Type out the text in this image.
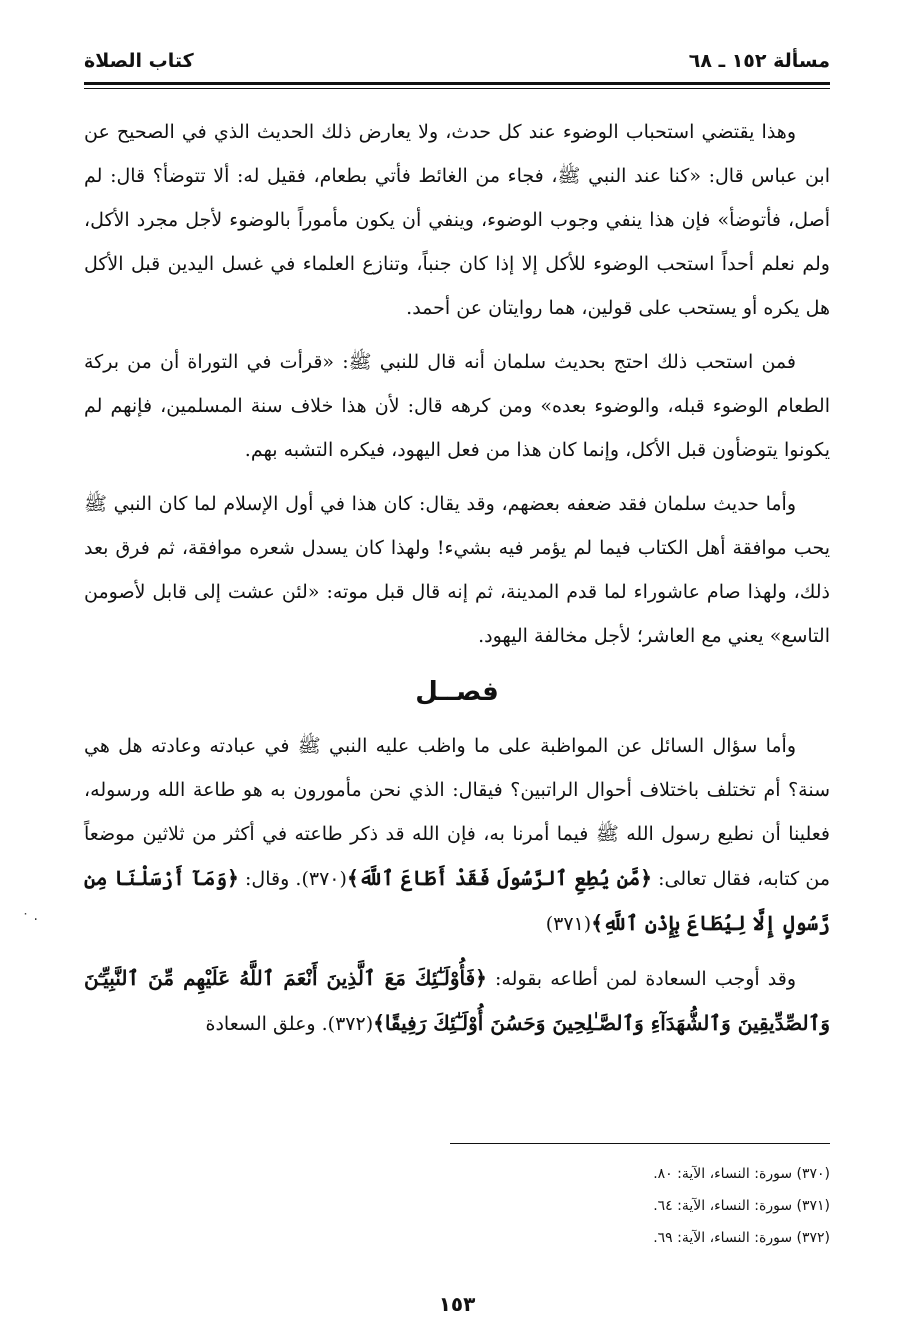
مسألة ١٥٢ ـ ٦٨
كتاب الصلاة

وهذا يقتضي استحباب الوضوء عند كل حدث، ولا يعارض ذلك الحديث الذي في الصحيح عن ابن عباس قال: «كنا عند النبي ﷺ، فجاء من الغائط فأتي بطعام، فقيل له: ألا تتوضأ؟ قال: لم أصل، فأتوضأ» فإن هذا ينفي وجوب الوضوء، وينفي أن يكون مأموراً بالوضوء لأجل مجرد الأكل، ولم نعلم أحداً استحب الوضوء للأكل إلا إذا كان جنباً، وتنازع العلماء في غسل اليدين قبل الأكل هل يكره أو يستحب على قولين، هما روايتان عن أحمد.

فمن استحب ذلك احتج بحديث سلمان أنه قال للنبي ﷺ: «قرأت في التوراة أن من بركة الطعام الوضوء قبله، والوضوء بعده» ومن كرهه قال: لأن هذا خلاف سنة المسلمين، فإنهم لم يكونوا يتوضأون قبل الأكل، وإنما كان هذا من فعل اليهود، فيكره التشبه بهم.

وأما حديث سلمان فقد ضعفه بعضهم، وقد يقال: كان هذا في أول الإسلام لما كان النبي ﷺ يحب موافقة أهل الكتاب فيما لم يؤمر فيه بشيء! ولهذا كان يسدل شعره موافقة، ثم فرق بعد ذلك، ولهذا صام عاشوراء لما قدم المدينة، ثم إنه قال قبل موته: «لئن عشت إلى قابل لأصومن التاسع» يعني مع العاشر؛ لأجل مخالفة اليهود.

فصــل

وأما سؤال السائل عن المواظبة على ما واظب عليه النبي ﷺ في عبادته وعادته هل هي سنة؟ أم تختلف باختلاف أحوال الراتبين؟ فيقال: الذي نحن مأمورون به هو طاعة الله ورسوله، فعلينا أن نطيع رسول الله ﷺ فيما أمرنا به، فإن الله قد ذكر طاعته في أكثر من ثلاثين موضعاً من كتابه، فقال تعالى: ﴿مَّن يُطِعِ ٱلرَّسُولَ فَقَدْ أَطَاعَ ٱللَّهَ﴾(٣٧٠). وقال: ﴿وَمَآ أَرْسَلْنَا مِن رَّسُولٍ إِلَّا لِيُطَاعَ بِإِذْنِ ٱللَّهِ﴾(٣٧١)

وقد أوجب السعادة لمن أطاعه بقوله: ﴿فَأُوْلَـٰٓئِكَ مَعَ ٱلَّذِينَ أَنْعَمَ ٱللَّهُ عَلَيْهِم مِّنَ ٱلنَّبِيِّـۧنَ وَٱلصِّدِّيقِينَ وَٱلشُّهَدَآءِ وَٱلصَّـٰلِحِينَ وَحَسُنَ أُوْلَـٰٓئِكَ رَفِيقًا﴾(٣٧٢). وعلق السعادة

(٣٧٠) سورة: النساء، الآية: ٨٠.

(٣٧١) سورة: النساء، الآية: ٦٤.

(٣٧٢) سورة: النساء، الآية: ٦٩.

١٥٣
˙ ·
